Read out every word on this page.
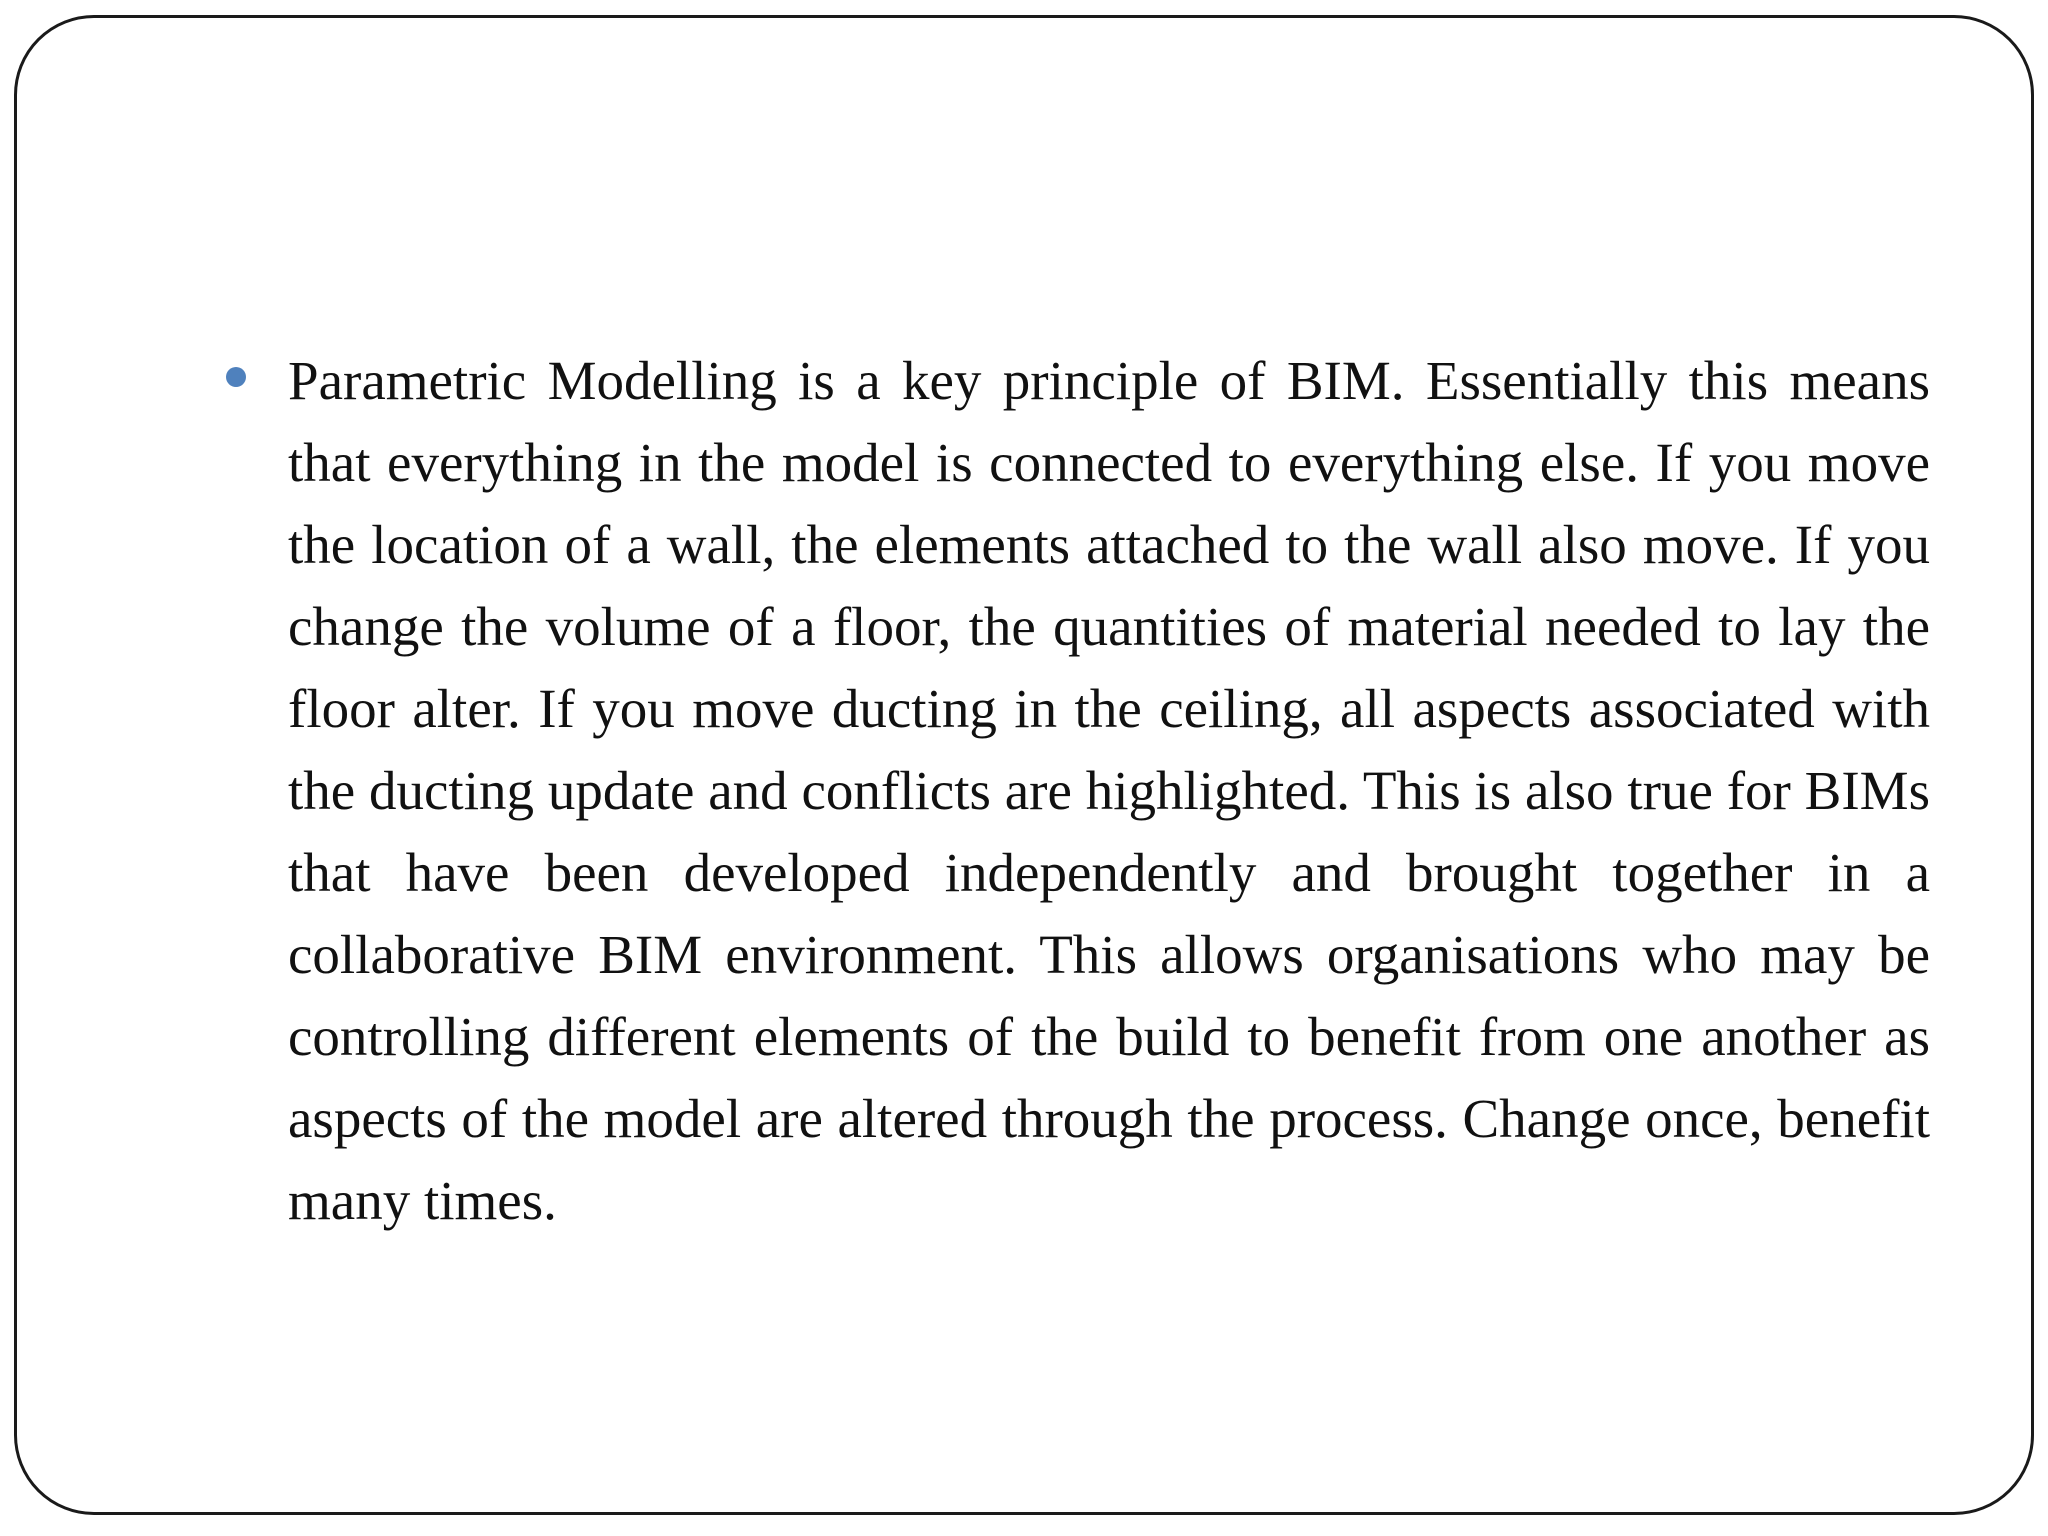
Parametric Modelling is a key principle of BIM. Essentially this means that everything in the model is connected to everything else. If you move the location of a wall, the elements attached to the wall also move. If you change the volume of a floor, the quantities of material needed to lay the floor alter. If you move ducting in the ceiling, all aspects associated with the ducting update and conflicts are highlighted. This is also true for BIMs that have been developed independently and brought together in a collaborative BIM environment. This allows organisations who may be controlling different elements of the build to benefit from one another as aspects of the model are altered through the process. Change once, benefit many times.
